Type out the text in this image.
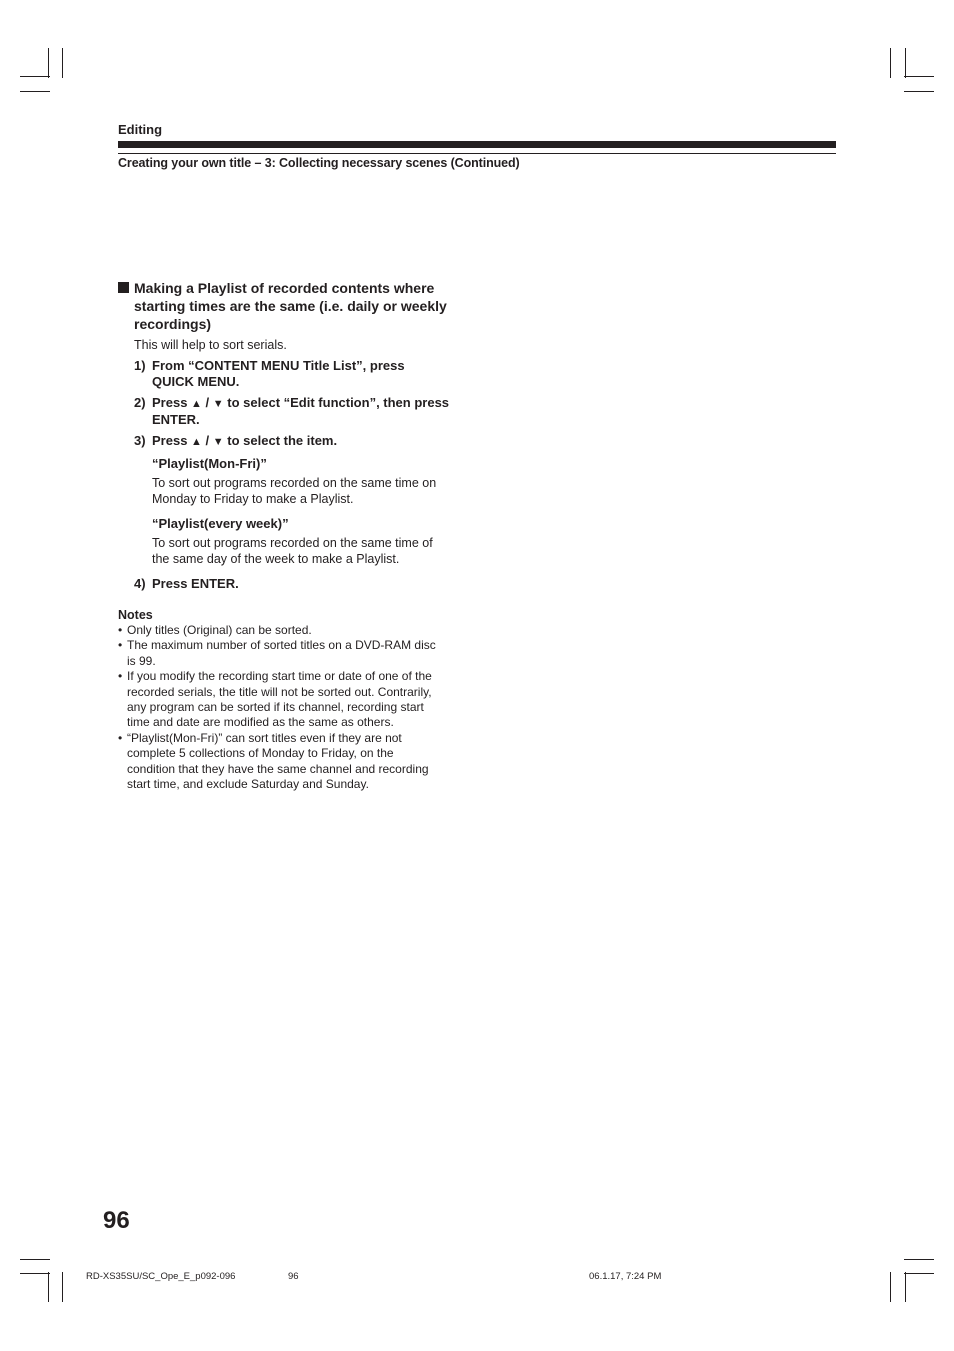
Editing
Creating your own title – 3: Collecting necessary scenes (Continued)
Making a Playlist of recorded contents where
starting times are the same (i.e. daily or weekly
recordings)
This will help to sort serials.
1) From “CONTENT MENU Title List”, press
QUICK MENU.
2) Press ▲ / ▼ to select “Edit function”, then press
ENTER.
3) Press ▲ / ▼ to select the item.
“Playlist(Mon-Fri)”
To sort out programs recorded on the same time on
Monday to Friday to make a Playlist.
“Playlist(every week)”
To sort out programs recorded on the same time of
the same day of the week to make a Playlist.
4) Press ENTER.
Notes
• Only titles (Original) can be sorted.
• The maximum number of sorted titles on a DVD-RAM disc
is 99.
• If you modify the recording start time or date of one of the
recorded serials, the title will not be sorted out. Contrarily,
any program can be sorted if its channel, recording start
time and date are modified as the same as others.
• “Playlist(Mon-Fri)” can sort titles even if they are not
complete 5 collections of Monday to Friday, on the
condition that they have the same channel and recording
start time, and exclude Saturday and Sunday.
96
RD-XS35SU/SC_Ope_E_p092-096	96	06.1.17, 7:24 PM
